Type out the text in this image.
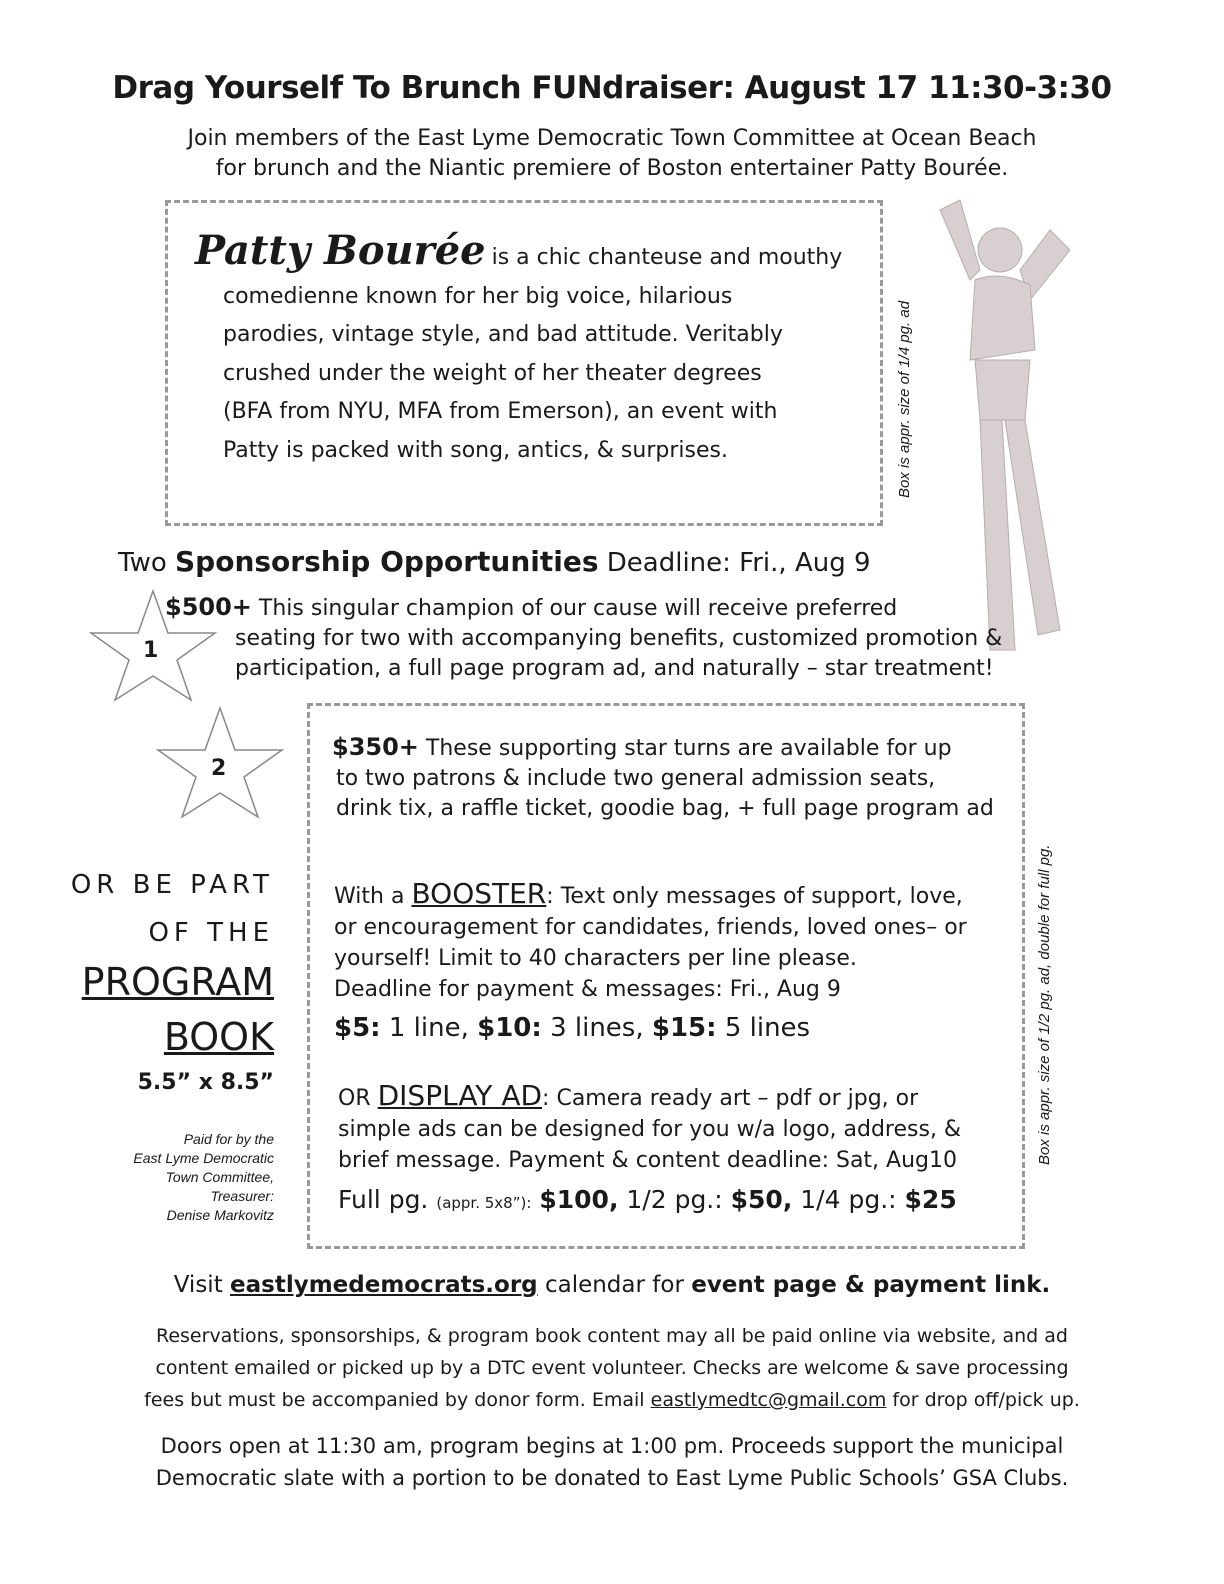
Drag Yourself To Brunch FUNdraiser: August 17 11:30-3:30
Join members of the East Lyme Democratic Town Committee at Ocean Beach
for brunch and the Niantic premiere of Boston entertainer Patty Bourée.
Patty Bourée is a chic chanteuse and mouthy
comedienne known for her big voice, hilarious
parodies, vintage style, and bad attitude. Veritably
crushed under the weight of her theater degrees
(BFA from NYU, MFA from Emerson), an event with
Patty is packed with song, antics, & surprises.	Box is appr. size of 1/4 pg. ad
Two Sponsorship Opportunities Deadline: Fri., Aug 9
1
$500+ This singular champion of our cause will receive preferred
seating for two with accompanying benefits, customized promotion &
participation, a full page program ad, and naturally – star treatment!
2
Box is appr. size of 1/2 pg. ad, double for full pg.
$350+ These supporting star turns are available for up
to two patrons & include two general admission seats,
drink tix, a raffle ticket, goodie bag, + full page program ad
With a BOOSTER: Text only messages of support, love,
or encouragement for candidates, friends, loved ones– or
yourself! Limit to 40 characters per line please.
Deadline for payment & messages: Fri., Aug 9
$5: 1 line, $10: 3 lines, $15: 5 lines
OR DISPLAY AD: Camera ready art – pdf or jpg, or
simple ads can be designed for you w/a logo, address, &
brief message. Payment & content deadline: Sat, Aug10
Full pg. (appr. 5x8”): $100, 1/2 pg.: $50, 1/4 pg.: $25
OR BE PART
OF THE
PROGRAM
BOOK
5.5” x 8.5”
Paid for by the
East Lyme Democratic
Town Committee,
Treasurer:
Denise Markovitz
Visit eastlymedemocrats.org calendar for event page & payment link.
Reservations, sponsorships, & program book content may all be paid online via website, and ad
content emailed or picked up by a DTC event volunteer. Checks are welcome & save processing
fees but must be accompanied by donor form. Email eastlymedtc@gmail.com for drop off/pick up.
Doors open at 11:30 am, program begins at 1:00 pm. Proceeds support the municipal
Democratic slate with a portion to be donated to East Lyme Public Schools’ GSA Clubs.
